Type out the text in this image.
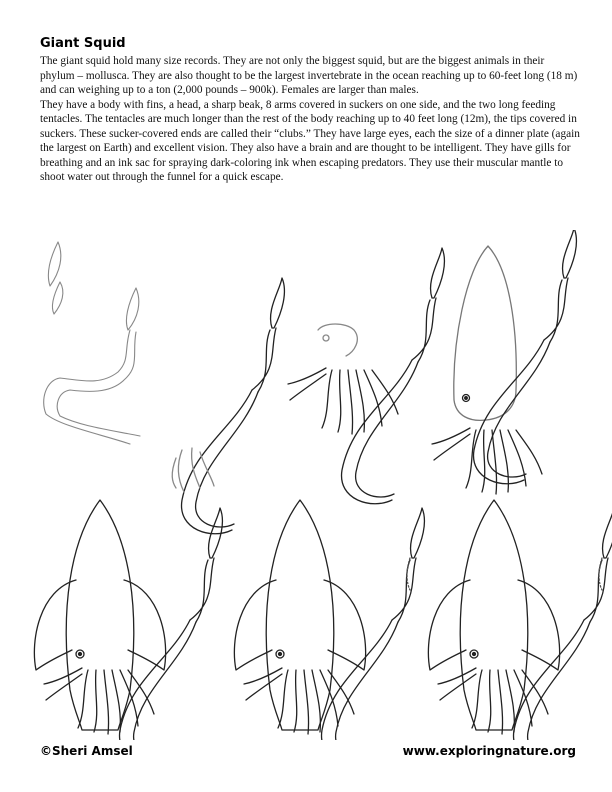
Giant Squid

The giant squid hold many size records. They are not only the biggest squid, but are the biggest animals in their phylum – mollusca. They are also thought to be the largest invertebrate in the ocean reaching up to 60-feet long (18 m) and can weighing up to a ton (2,000 pounds – 900k). Females are larger than males.

They have a body with fins, a head, a sharp beak, 8 arms covered in suckers on one side, and the two long feeding tentacles. The tentacles are much longer than the rest of the body reaching up to 40 feet long (12m), the tips covered in suckers. These sucker-covered ends are called their “clubs.” They have large eyes, each the size of a dinner plate (again the largest on Earth) and excellent vision. They also have a brain and are thought to be intelligent. They have gills for breathing and an ink sac for spraying dark-coloring ink when escaping predators. They use their muscular mantle to shoot water out through the funnel for a quick escape.

©Sheri Amsel	www.exploringnature.org
